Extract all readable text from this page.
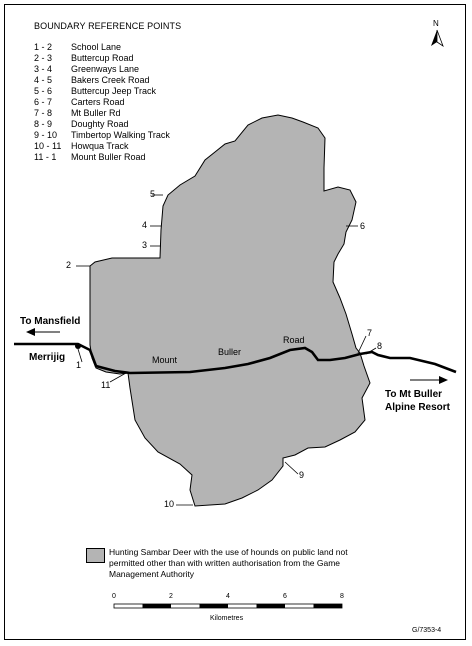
BOUNDARY REFERENCE POINTS
1 - 2 School Lane
2 - 3 Buttercup Road
3 - 4 Greenways Lane
4 - 5 Bakers Creek Road
5 - 6 Buttercup Jeep Track
6 - 7 Carters Road
7 - 8 Mt Buller Rd
8 - 9 Doughty Road
9 - 10 Timbertop Walking Track
10 - 11 Howqua Track
11 - 1 Mount Buller Road
N
1
2
3
4
5
6
7
8
9
10
11
Mount
Buller
Road
To Mansfield
Merrijig
To Mt Buller
Alpine Resort
Hunting Sambar Deer with the use of hounds on public land not permitted other than with written authorisation from the Game Management Authority
0	2	4	6	8
Kilometres
G/7353-4
